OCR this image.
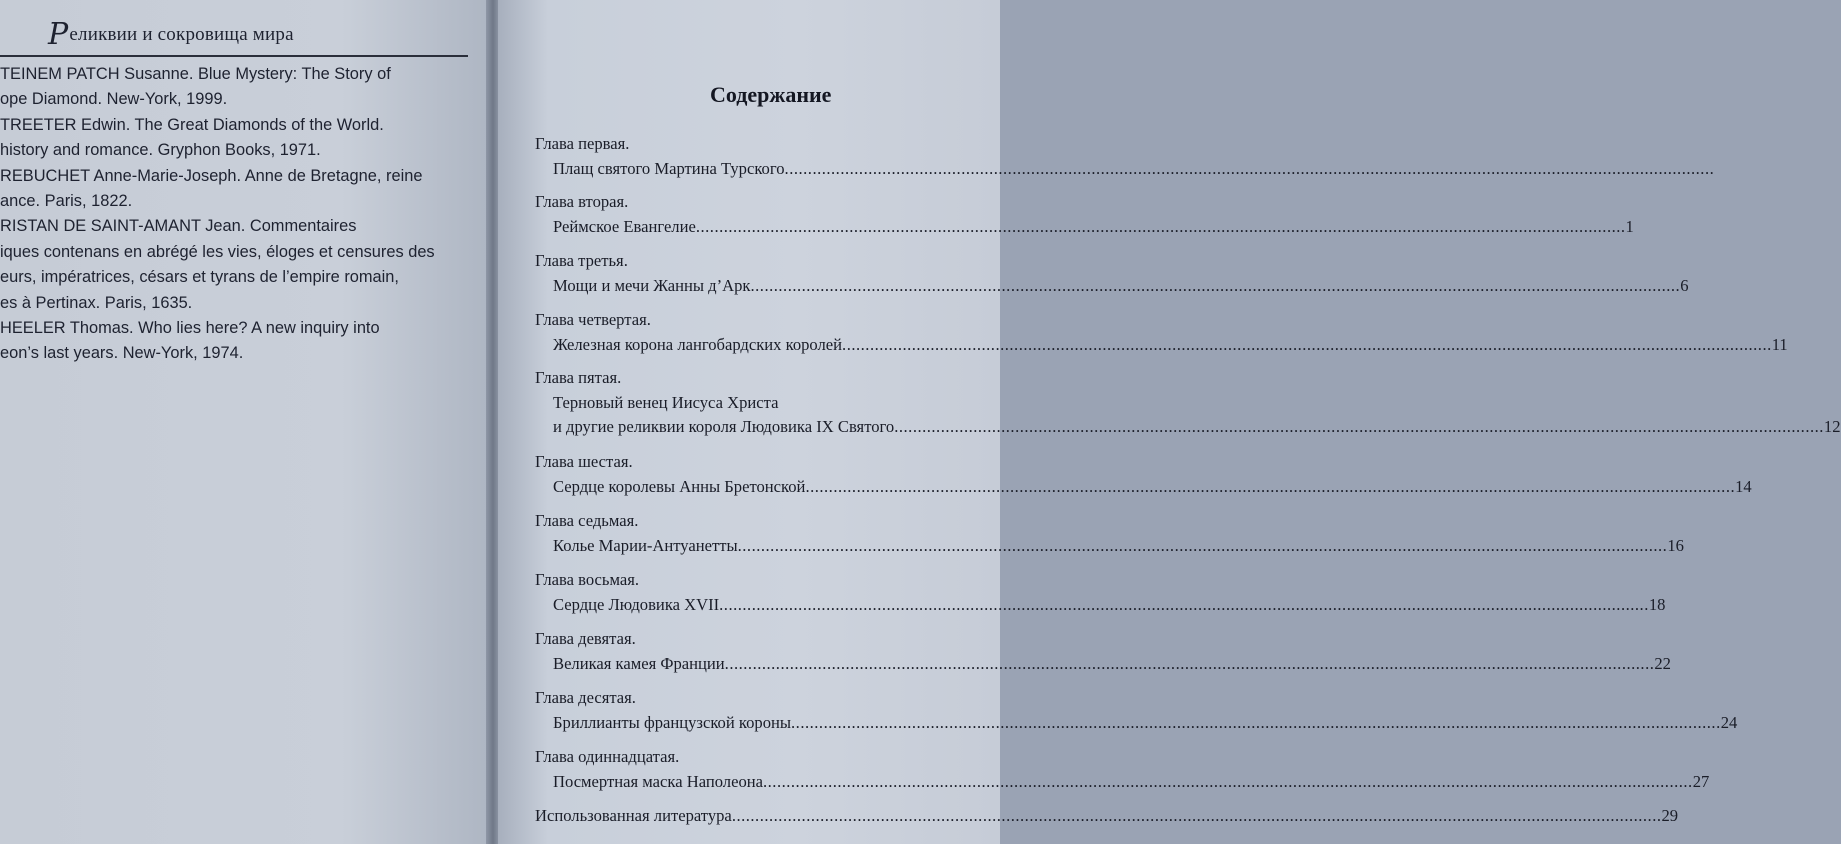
Реликвии и сокровища мира

TEINEM PATCH Susanne. Blue Mystery: The Story of

ope Diamond. New-York, 1999.

TREETER Edwin. The Great Diamonds of the World.

history and romance. Gryphon Books, 1971.

REBUCHET Anne-Marie-Joseph. Anne de Bretagne, reine

ance. Paris, 1822.

RISTAN DE SAINT-AMANT Jean. Commentaires

iques contenans en abrégé les vies, éloges et censures des

eurs, impératrices, césars et tyrans de l’empire romain,

es à Pertinax. Paris, 1635.

HEELER Thomas. Who lies here? A new inquiry into

eon’s last years. New-York, 1974.

Содержание
Глава первая.
Плащ святого Мартина Турского ........................................................................................................................................................................................................
Глава вторая.
Реймское Евангелие ........................................................................................................................................................................................................ 1
Глава третья.
Мощи и мечи Жанны д’Арк ........................................................................................................................................................................................................ 6
Глава четвертая.
Железная корона лангобардских королей ........................................................................................................................................................................................................ 11
Глава пятая.
Терновый венец Иисуса Христа
и другие реликвии короля Людовика IX Святого ........................................................................................................................................................................................................ 12
Глава шестая.
Сердце королевы Анны Бретонской ........................................................................................................................................................................................................ 14
Глава седьмая.
Колье Марии-Антуанетты ........................................................................................................................................................................................................ 16
Глава восьмая.
Сердце Людовика XVII ........................................................................................................................................................................................................ 18
Глава девятая.
Великая камея Франции ........................................................................................................................................................................................................ 22
Глава десятая.
Бриллианты французской короны ........................................................................................................................................................................................................ 24
Глава одиннадцатая.
Посмертная маска Наполеона ........................................................................................................................................................................................................ 27
Использованная литература ........................................................................................................................................................................................................ 29
